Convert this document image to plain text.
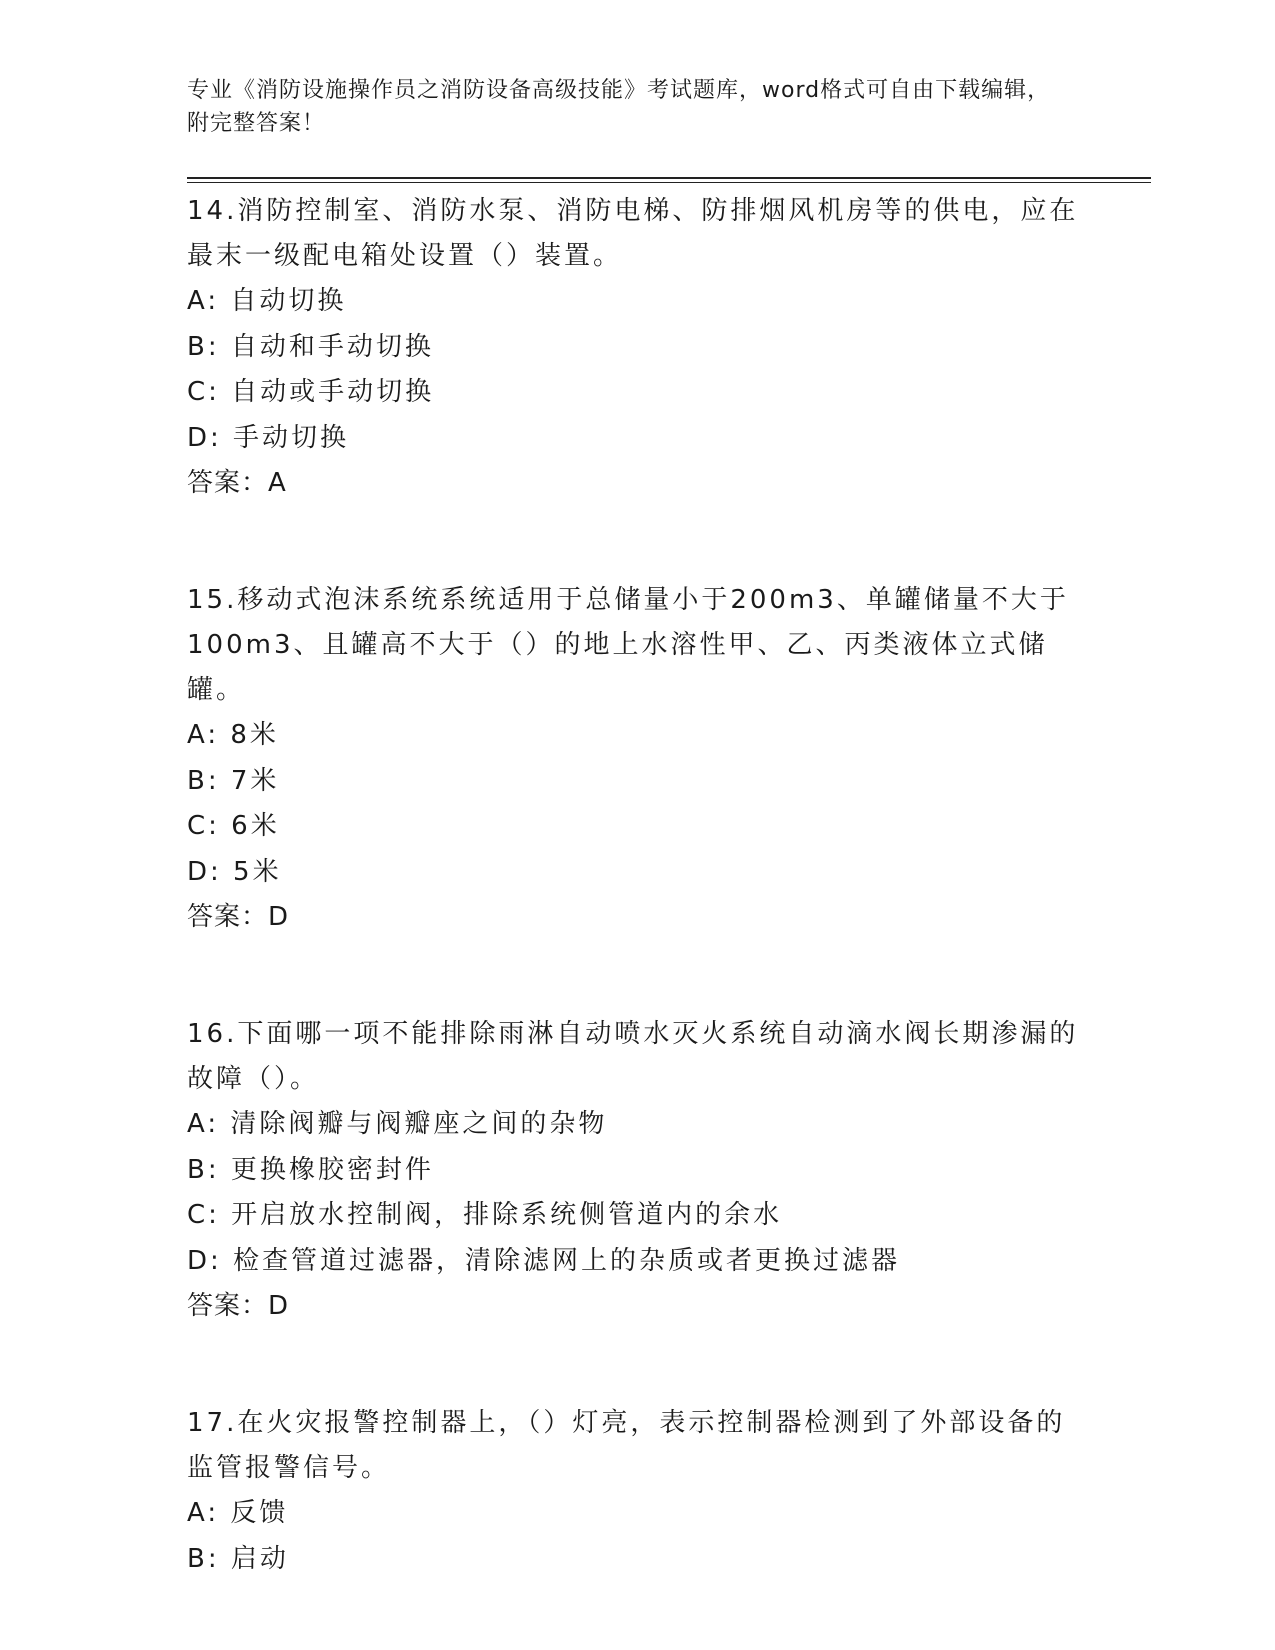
专业《消防设施操作员之消防设备高级技能》考试题库，word格式可自由下载编辑，附完整答案！
14.消防控制室、消防水泵、消防电梯、防排烟风机房等的供电，应在最末一级配电箱处设置（）装置。
A: 自动切换
B: 自动和手动切换
C: 自动或手动切换
D: 手动切换
答案：A
15.移动式泡沫系统系统适用于总储量小于200m3、单罐储量不大于100m3、且罐高不大于（）的地上水溶性甲、乙、丙类液体立式储罐。
A: 8米
B: 7米
C: 6米
D: 5米
答案：D
16.下面哪一项不能排除雨淋自动喷水灭火系统自动滴水阀长期渗漏的故障（）。
A: 清除阀瓣与阀瓣座之间的杂物
B: 更换橡胶密封件
C: 开启放水控制阀，排除系统侧管道内的余水
D: 检查管道过滤器，清除滤网上的杂质或者更换过滤器
答案：D
17.在火灾报警控制器上，（）灯亮，表示控制器检测到了外部设备的监管报警信号。
A: 反馈
B: 启动
